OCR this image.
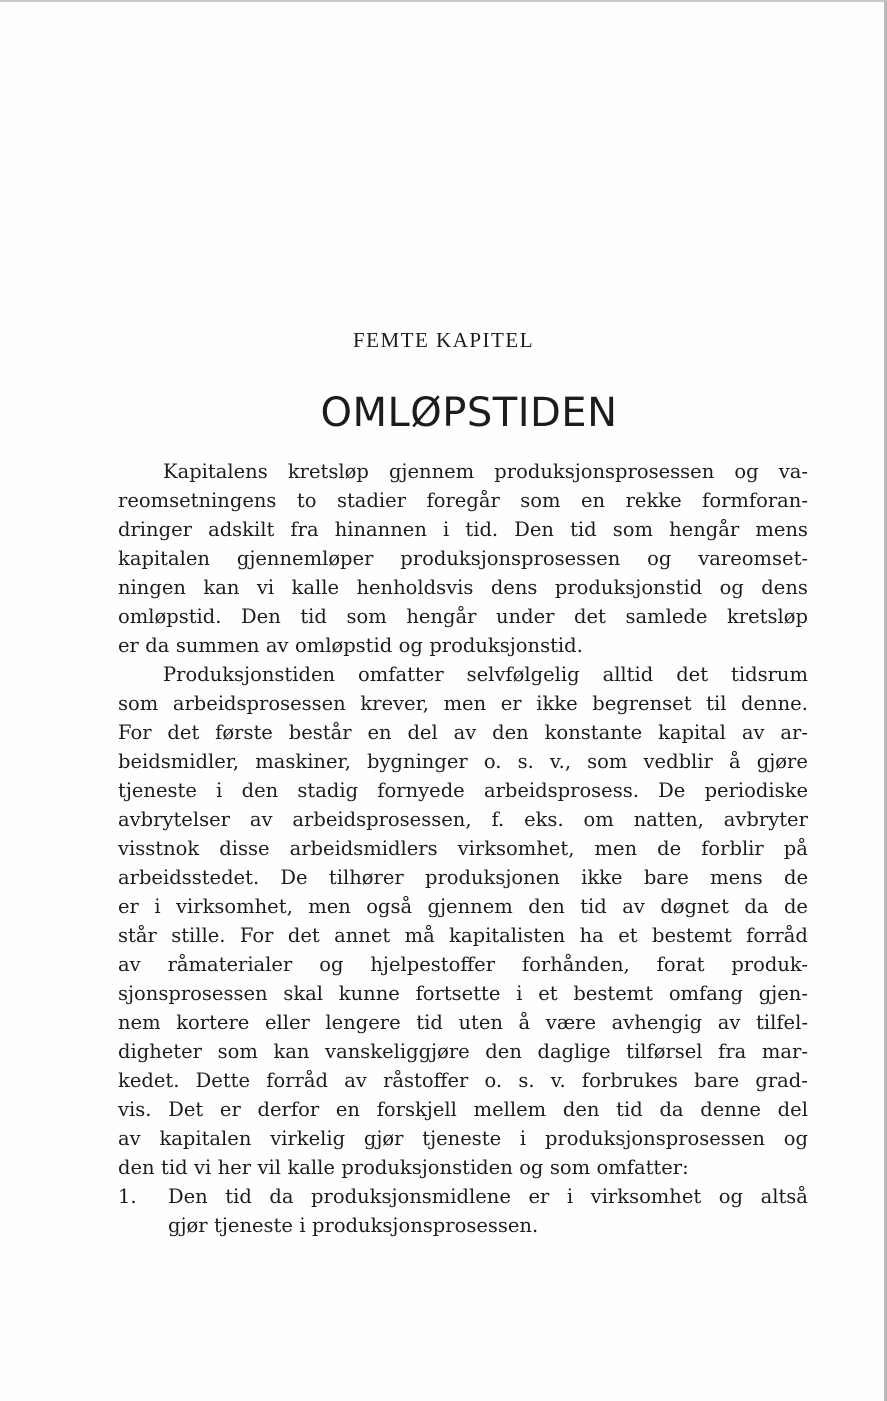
FEMTE KAPITEL
OMLØPSTIDEN
Kapitalens kretsløp gjennem produksjonsprosessen og va-
reomsetningens to stadier foregår som en rekke formforan-
dringer adskilt fra hinannen i tid. Den tid som hengår mens
kapitalen gjennemløper produksjonsprosessen og vareomset-
ningen kan vi kalle henholdsvis dens produksjonstid og dens
omløpstid. Den tid som hengår under det samlede kretsløp
er da summen av omløpstid og produksjonstid.
Produksjonstiden omfatter selvfølgelig alltid det tidsrum
som arbeidsprosessen krever, men er ikke begrenset til denne.
For det første består en del av den konstante kapital av ar-
beidsmidler, maskiner, bygninger o. s. v., som vedblir å gjøre
tjeneste i den stadig fornyede arbeidsprosess. De periodiske
avbrytelser av arbeidsprosessen, f. eks. om natten, avbryter
visstnok disse arbeidsmidlers virksomhet, men de forblir på
arbeidsstedet. De tilhører produksjonen ikke bare mens de
er i virksomhet, men også gjennem den tid av døgnet da de
står stille. For det annet må kapitalisten ha et bestemt forråd
av råmaterialer og hjelpestoffer forhånden, forat produk-
sjonsprosessen skal kunne fortsette i et bestemt omfang gjen-
nem kortere eller lengere tid uten å være avhengig av tilfel-
digheter som kan vanskeliggjøre den daglige tilførsel fra mar-
kedet. Dette forråd av råstoffer o. s. v. forbrukes bare grad-
vis. Det er derfor en forskjell mellem den tid da denne del
av kapitalen virkelig gjør tjeneste i produksjonsprosessen og
den tid vi her vil kalle produksjonstiden og som omfatter:
1.	Den tid da produksjonsmidlene er i virksomhet og altså
gjør tjeneste i produksjonsprosessen.
